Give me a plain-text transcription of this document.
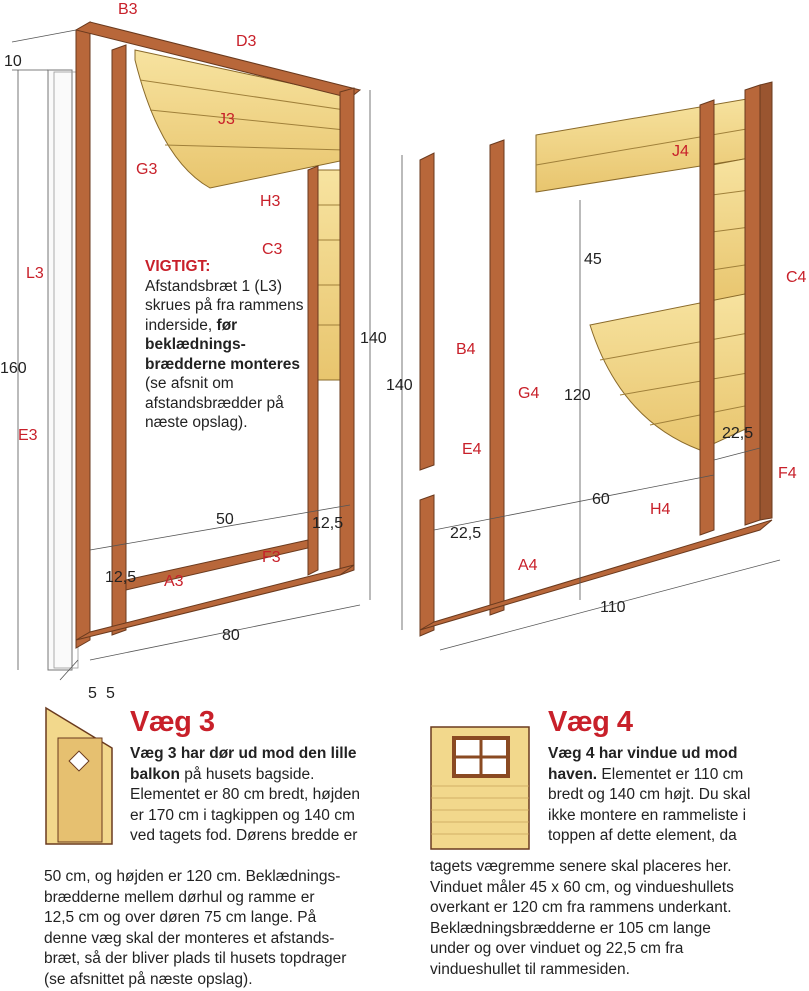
B3
D3
J3
G3
H3
C3
L3
E3
F3
A3
10
160
140
50	12,5
12,5
80
5 5
J4
C4
B4
G4
E4
H4
F4
A4
45
140
120
22,5
60
22,5
110
VIGTIGT:
Afstandsbræt 1 (L3) skrues på fra rammens inderside, før beklædnings-brædderne monteres (se afsnit om afstandsbrædder på næste opslag).
Væg 3
Væg 3 har dør ud mod den lille balkon på husets bagside.
Elementet er 80 cm bredt, højden
er 170 cm i tagkippen og 140 cm
ved tagets fod. Dørens bredde er
50 cm, og højden er 120 cm. Beklædnings-
brædderne mellem dørhul og ramme er
12,5 cm og over døren 75 cm lange. På
denne væg skal der monteres et afstands-
bræt, så der bliver plads til husets topdrager
(se afsnittet på næste opslag).
Væg 4
Væg 4 har vindue ud mod
haven. Elementet er 110 cm
bredt og 140 cm højt. Du skal
ikke montere en rammeliste i
toppen af dette element, da
tagets vægremme senere skal placeres her.
Vinduet måler 45 x 60 cm, og vindueshullets
overkant er 120 cm fra rammens underkant.
Beklædningsbrædderne er 105 cm lange
under og over vinduet og 22,5 cm fra
vindueshullet til rammesiden.
